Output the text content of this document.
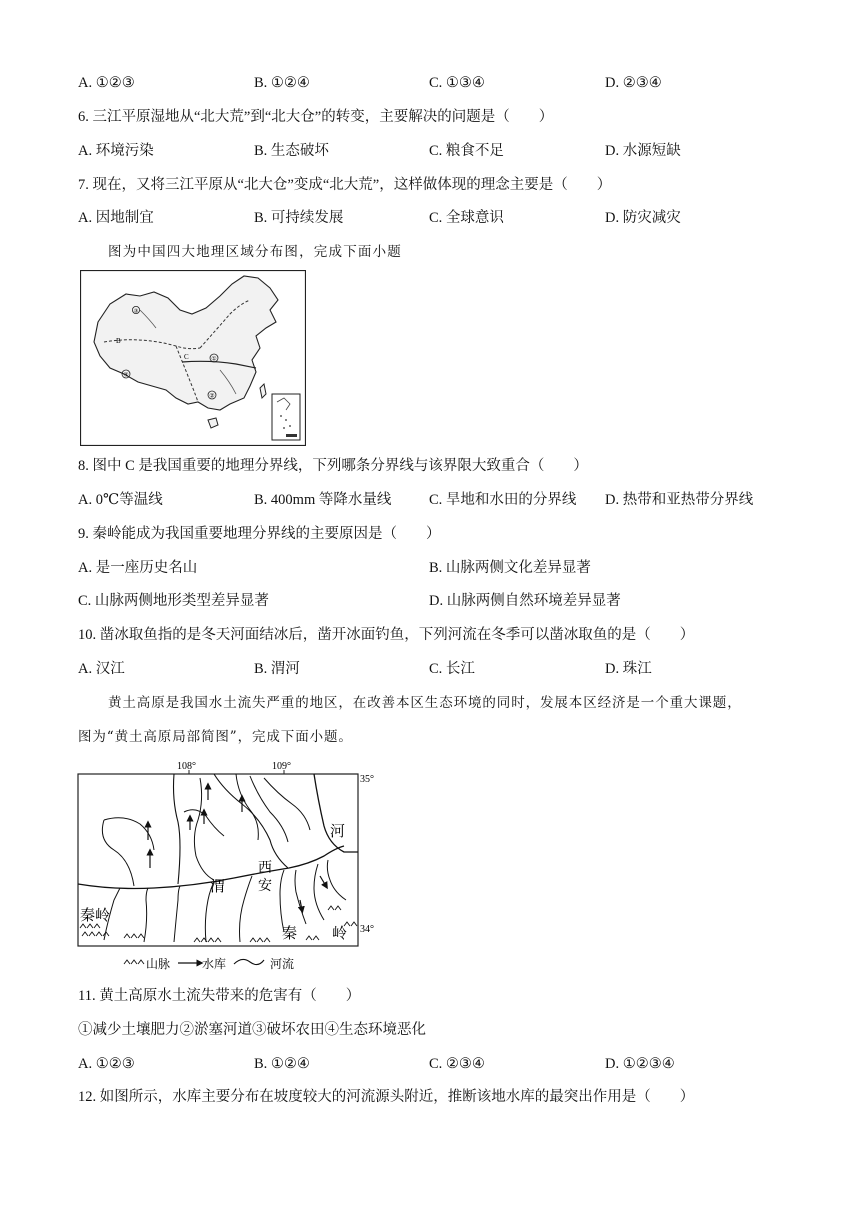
A. ①②③	B. ①②④	C. ①③④	D. ②③④
6. 三江平原湿地从“北大荒”到“北大仓”的转变，主要解决的问题是（　　）
A. 环境污染	B. 生态破坏	C. 粮食不足	D. 水源短缺
7. 现在，又将三江平原从“北大仓”变成“北大荒”，这样做体现的理念主要是（　　）
A. 因地制宜	B. 可持续发展	C. 全球意识	D. 防灾减灾
图为中国四大地理区域分布图，完成下面小题
③
B
C	①
②
④
8. 图中 C 是我国重要的地理分界线，下列哪条分界线与该界限大致重合（　　）
A. 0℃等温线	B. 400mm 等降水量线	C. 旱地和水田的分界线 D. 热带和亚热带分界线
9. 秦岭能成为我国重要地理分界线的主要原因是（　　）
A. 是一座历史名山	B. 山脉两侧文化差异显著
C. 山脉两侧地形类型差异显著	D. 山脉两侧自然环境差异显著
10. 凿冰取鱼指的是冬天河面结冰后，凿开冰面钓鱼，下列河流在冬季可以凿冰取鱼的是（　　）
A. 汉江	B. 渭河	C. 长江	D. 珠江
黄土高原是我国水土流失严重的地区，在改善本区生态环境的同时，发展本区经济是一个重大课题，
图为“黄土高原局部简图”，完成下面小题。
108°	109°
35°
34°
河
渭
西
安
秦岭
秦 岭
山脉	水库	河流
11. 黄土高原水土流失带来的危害有（　　）
①减少土壤肥力②淤塞河道③破坏农田④生态环境恶化
A. ①②③	B. ①②④	C. ②③④	D. ①②③④
12. 如图所示，水库主要分布在坡度较大的河流源头附近，推断该地水库的最突出作用是（　　）
